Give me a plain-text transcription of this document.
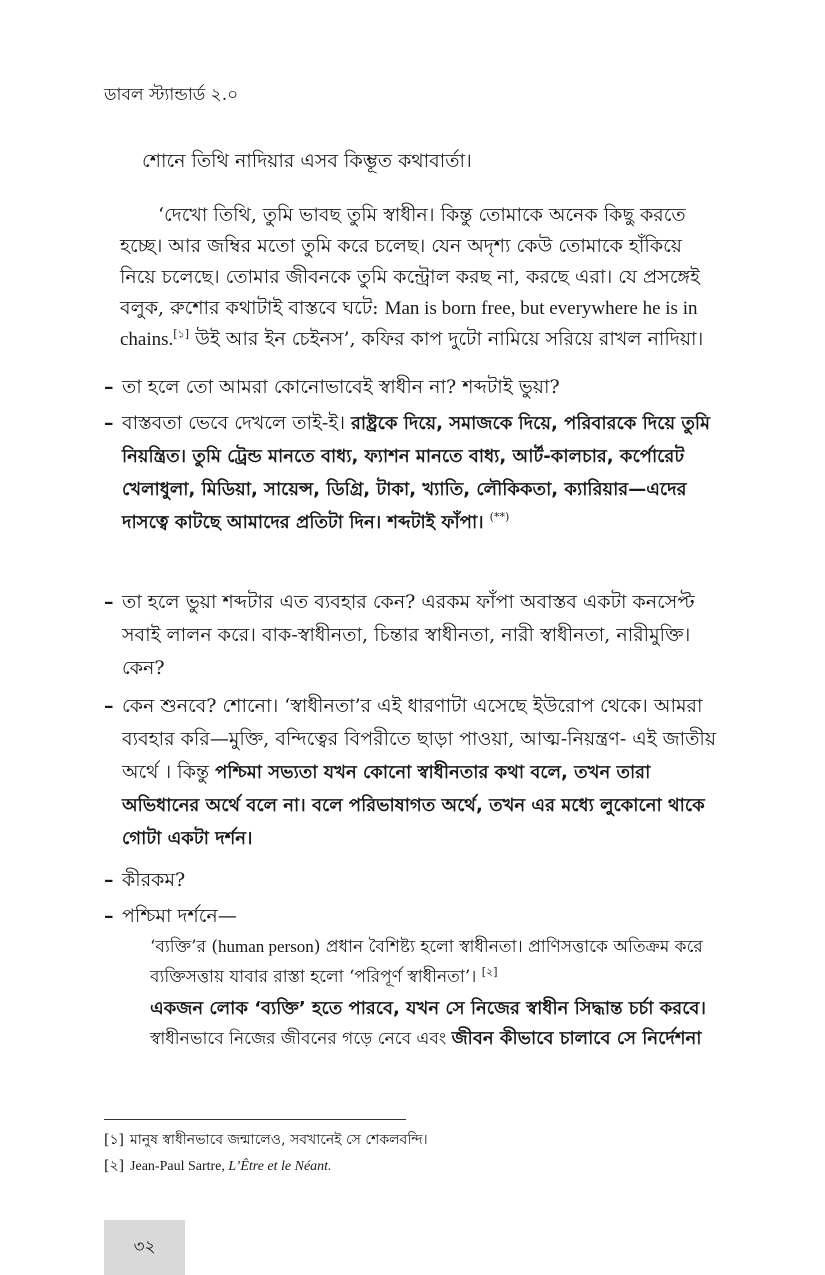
ডাবল স্ট্যান্ডার্ড ২.০

শোনে তিথি নাদিয়ার এসব কিম্ভূত কথাবার্তা।

‘দেখো তিথি, তুমি ভাবছ তুমি স্বাধীন। কিন্তু তোমাকে অনেক কিছু করতে হচ্ছে। আর জম্বির মতো তুমি করে চলেছ। যেন অদৃশ্য কেউ তোমাকে হাঁকিয়ে নিয়ে চলেছে। তোমার জীবনকে তুমি কন্ট্রোল করছ না, করছে এরা। যে প্রসঙ্গেই বলুক, রুশোর কথাটাই বাস্তবে ঘটে: Man is born free, but everywhere he is in chains.[১] উই আর ইন চেইনস’, কফির কাপ দুটো নামিয়ে সরিয়ে রাখল নাদিয়া।

– তা হলে তো আমরা কোনোভাবেই স্বাধীন না? শব্দটাই ভুয়া?
– বাস্তবতা ভেবে দেখলে তাই-ই। রাষ্ট্রকে দিয়ে, সমাজকে দিয়ে, পরিবারকে দিয়ে তুমি নিয়ন্ত্রিত। তুমি ট্রেন্ড মানতে বাধ্য, ফ্যাশন মানতে বাধ্য, আর্ট-কালচার, কর্পোরেট খেলাধুলা, মিডিয়া, সায়েন্স, ডিগ্রি, টাকা, খ্যাতি, লৌকিকতা, ক্যারিয়ার—এদের দাসত্বে কাটছে আমাদের প্রতিটা দিন। শব্দটাই ফাঁপা। (**)
– তা হলে ভুয়া শব্দটার এত ব্যবহার কেন? এরকম ফাঁপা অবাস্তব একটা কনসেপ্ট সবাই লালন করে। বাক-স্বাধীনতা, চিন্তার স্বাধীনতা, নারী স্বাধীনতা, নারীমুক্তি। কেন?
– কেন শুনবে? শোনো। ‘স্বাধীনতা’র এই ধারণাটা এসেছে ইউরোপ থেকে। আমরা ব্যবহার করি—মুক্তি, বন্দিত্বের বিপরীতে ছাড়া পাওয়া, আত্ম-নিয়ন্ত্রণ- এই জাতীয় অর্থে । কিন্তু পশ্চিমা সভ্যতা যখন কোনো স্বাধীনতার কথা বলে, তখন তারা অভিধানের অর্থে বলে না। বলে পরিভাষাগত অর্থে, তখন এর মধ্যে লুকোনো থাকে গোটা একটা দর্শন।
– কীরকম?
– পশ্চিমা দর্শনে—

‘ব্যক্তি’র (human person) প্রধান বৈশিষ্ট্য হলো স্বাধীনতা। প্রাণিসত্তাকে অতিক্রম করে ব্যক্তিসত্তায় যাবার রাস্তা হলো ‘পরিপূর্ণ স্বাধীনতা’। [২]

একজন লোক ‘ব্যক্তি’ হতে পারবে, যখন সে নিজের স্বাধীন সিদ্ধান্ত চর্চা করবে। স্বাধীনভাবে নিজের জীবনের গড়ে নেবে এবং জীবন কীভাবে চালাবে সে নির্দেশনা

[১] মানুষ স্বাধীনভাবে জন্মালেও, সবখানেই সে শেকলবন্দি।
[২] Jean-Paul Sartre, L’Être et le Néant.
৩২
